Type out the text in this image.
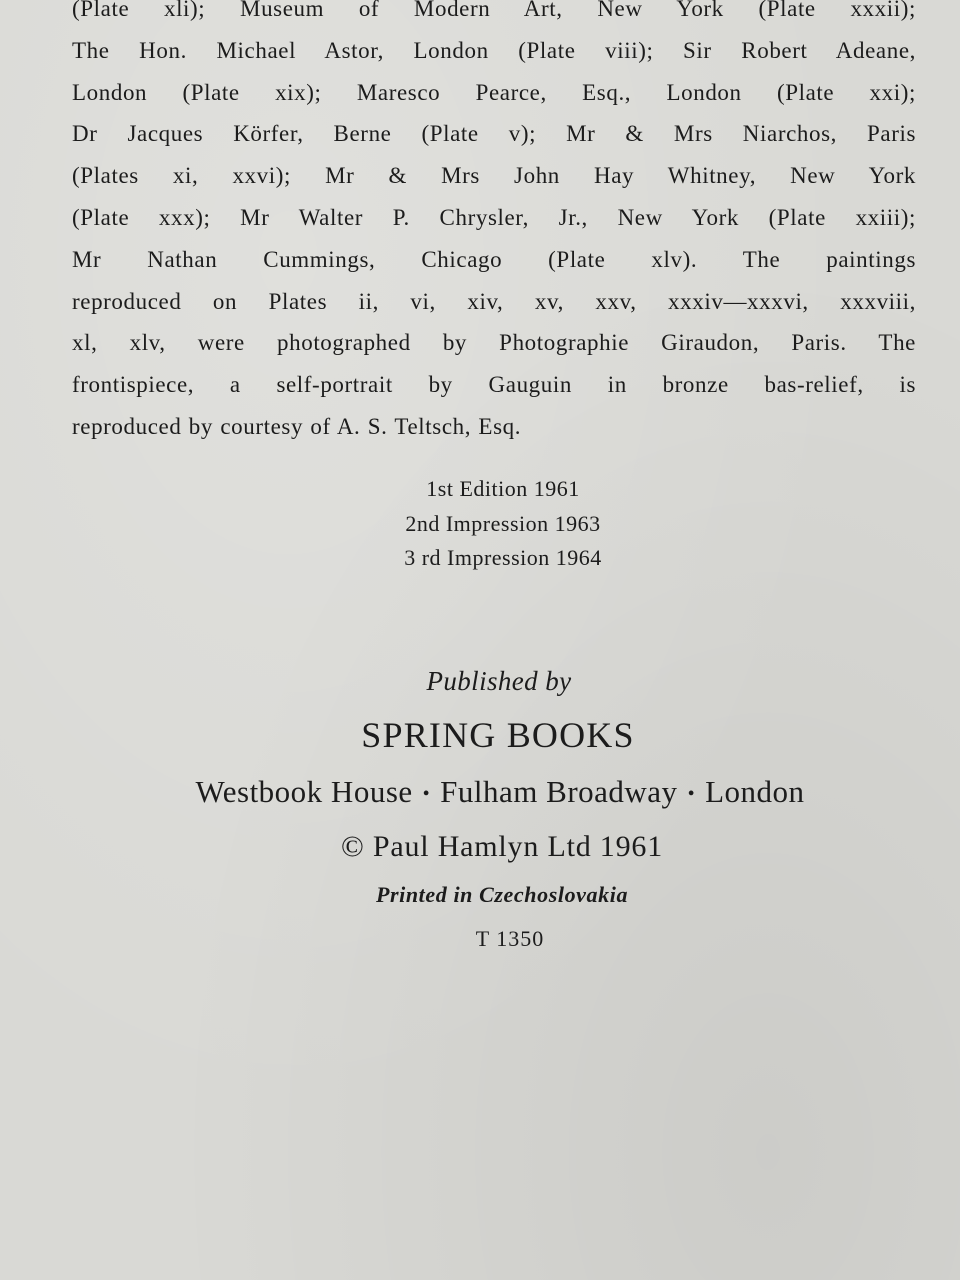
(Plate xli); Museum of Modern Art, New York (Plate xxxii);
The Hon. Michael Astor, London (Plate viii); Sir Robert Adeane,
London (Plate xix); Maresco Pearce, Esq., London (Plate xxi);
Dr Jacques Körfer, Berne (Plate v); Mr & Mrs Niarchos, Paris
(Plates xi, xxvi); Mr & Mrs John Hay Whitney, New York
(Plate xxx); Mr Walter P. Chrysler, Jr., New York (Plate xxiii);
Mr Nathan Cummings, Chicago (Plate xlv). The paintings
reproduced on Plates ii, vi, xiv, xv, xxv, xxxiv—xxxvi, xxxviii,
xl, xlv, were photographed by Photographie Giraudon, Paris. The
frontispiece, a self-portrait by Gauguin in bronze bas-relief, is
reproduced by courtesy of A. S. Teltsch, Esq.
1st Edition 1961
2nd Impression 1963
3 rd Impression 1964
Published by
SPRING BOOKS
Westbook House • Fulham Broadway • London
© Paul Hamlyn Ltd 1961
Printed in Czechoslovakia
T 1350
